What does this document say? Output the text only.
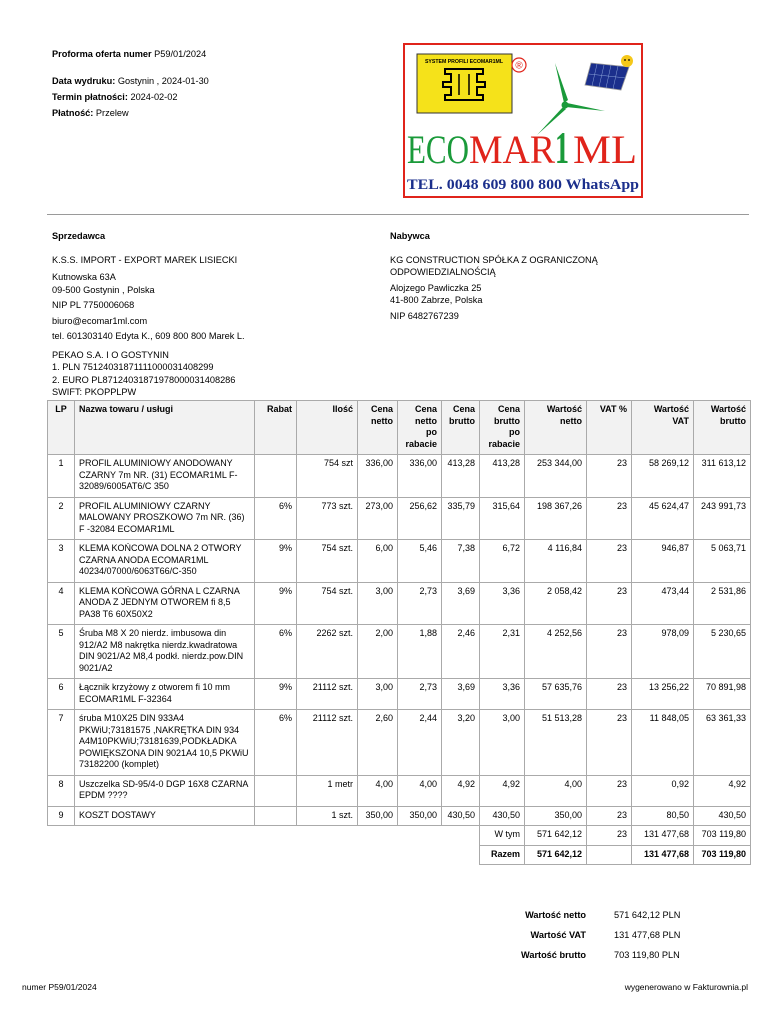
Proforma oferta numer P59/01/2024
Data wydruku: Gostynin , 2024-01-30
Termin płatności: 2024-02-02
Płatność: Przelew
SYSTEM PROFILI ECOMAR1ML ®
ECO MAR 1 ML
TEL. 0048 609 800 800 WhatsApp
Sprzedawca
K.S.S. IMPORT - EXPORT MAREK LISIECKI
Kutnowska 63A
09-500 Gostynin , Polska
NIP PL 7750006068
biuro@ecomar1ml.com
tel. 601303140 Edyta K., 609 800 800 Marek L.
PEKAO S.A. I O GOSTYNIN
1. PLN 75124031871111000031408299
2. EURO PL87124031871978000031408286
SWIFT: PKOPPLPW
Nabywca
KG CONSTRUCTION SPÓŁKA Z OGRANICZONĄ ODPOWIEDZIALNOŚCIĄ
Alojzego Pawliczka 25
41-800 Zabrze, Polska
NIP 6482767239
LP	Nazwa towaru / usługi	Rabat	Ilość	Cena netto	Cena netto po rabacie	Cena brutto	Cena brutto po rabacie	Wartość netto	VAT %	Wartość VAT	Wartość brutto
1	PROFIL ALUMINIOWY ANODOWANY CZARNY 7m NR. (31) ECOMAR1ML F-32089/6005AT6/C 350		754 szt	336,00	336,00	413,28	413,28	253 344,00	23	58 269,12	311 613,12
2	PROFIL ALUMINIOWY CZARNY MALOWANY PROSZKOWO 7m NR. (36) F -32084 ECOMAR1ML	6%	773 szt.	273,00	256,62	335,79	315,64	198 367,26	23	45 624,47	243 991,73
3	KLEMA KOŃCOWA DOLNA 2 OTWORY CZARNA ANODA ECOMAR1ML 40234/07000/6063T66/C-350	9%	754 szt.	6,00	5,46	7,38	6,72	4 116,84	23	946,87	5 063,71
4	KLEMA KOŃCOWA GÓRNA L CZARNA ANODA Z JEDNYM OTWOREM fi 8,5 PA38 T6 60X50X2	9%	754 szt.	3,00	2,73	3,69	3,36	2 058,42	23	473,44	2 531,86
5	Śruba M8 X 20 nierdz. imbusowa din 912/A2 M8 nakrętka nierdz.kwadratowa DIN 9021/A2 M8,4 podkł. nierdz.pow.DIN 9021/A2	6%	2262 szt.	2,00	1,88	2,46	2,31	4 252,56	23	978,09	5 230,65
6	Łącznik krzyżowy z otworem fi 10 mm ECOMAR1ML F-32364	9%	21112 szt.	3,00	2,73	3,69	3,36	57 635,76	23	13 256,22	70 891,98
7	śruba M10X25 DIN 933A4 PKWiU;73181575 ,NAKRĘTKA DIN 934 A4M10PKWiU;73181639,PODKŁADKA POWIĘKSZONA DIN 9021A4 10,5 PKWiU 73182200 (komplet)	6%	21112 szt.	2,60	2,44	3,20	3,00	51 513,28	23	11 848,05	63 361,33
8	Uszczelka SD-95/4-0 DGP 16X8 CZARNA EPDM ????		1 metr	4,00	4,00	4,92	4,92	4,00	23	0,92	4,92
9	KOSZT DOSTAWY		1 szt.	350,00	350,00	430,50	430,50	350,00	23	80,50	430,50
							W tym	571 642,12	23	131 477,68	703 119,80
							Razem	571 642,12		131 477,68	703 119,80
Wartość netto	571 642,12 PLN
Wartość VAT	131 477,68 PLN
Wartość brutto	703 119,80 PLN
numer P59/01/2024	wygenerowano w Fakturownia.pl
